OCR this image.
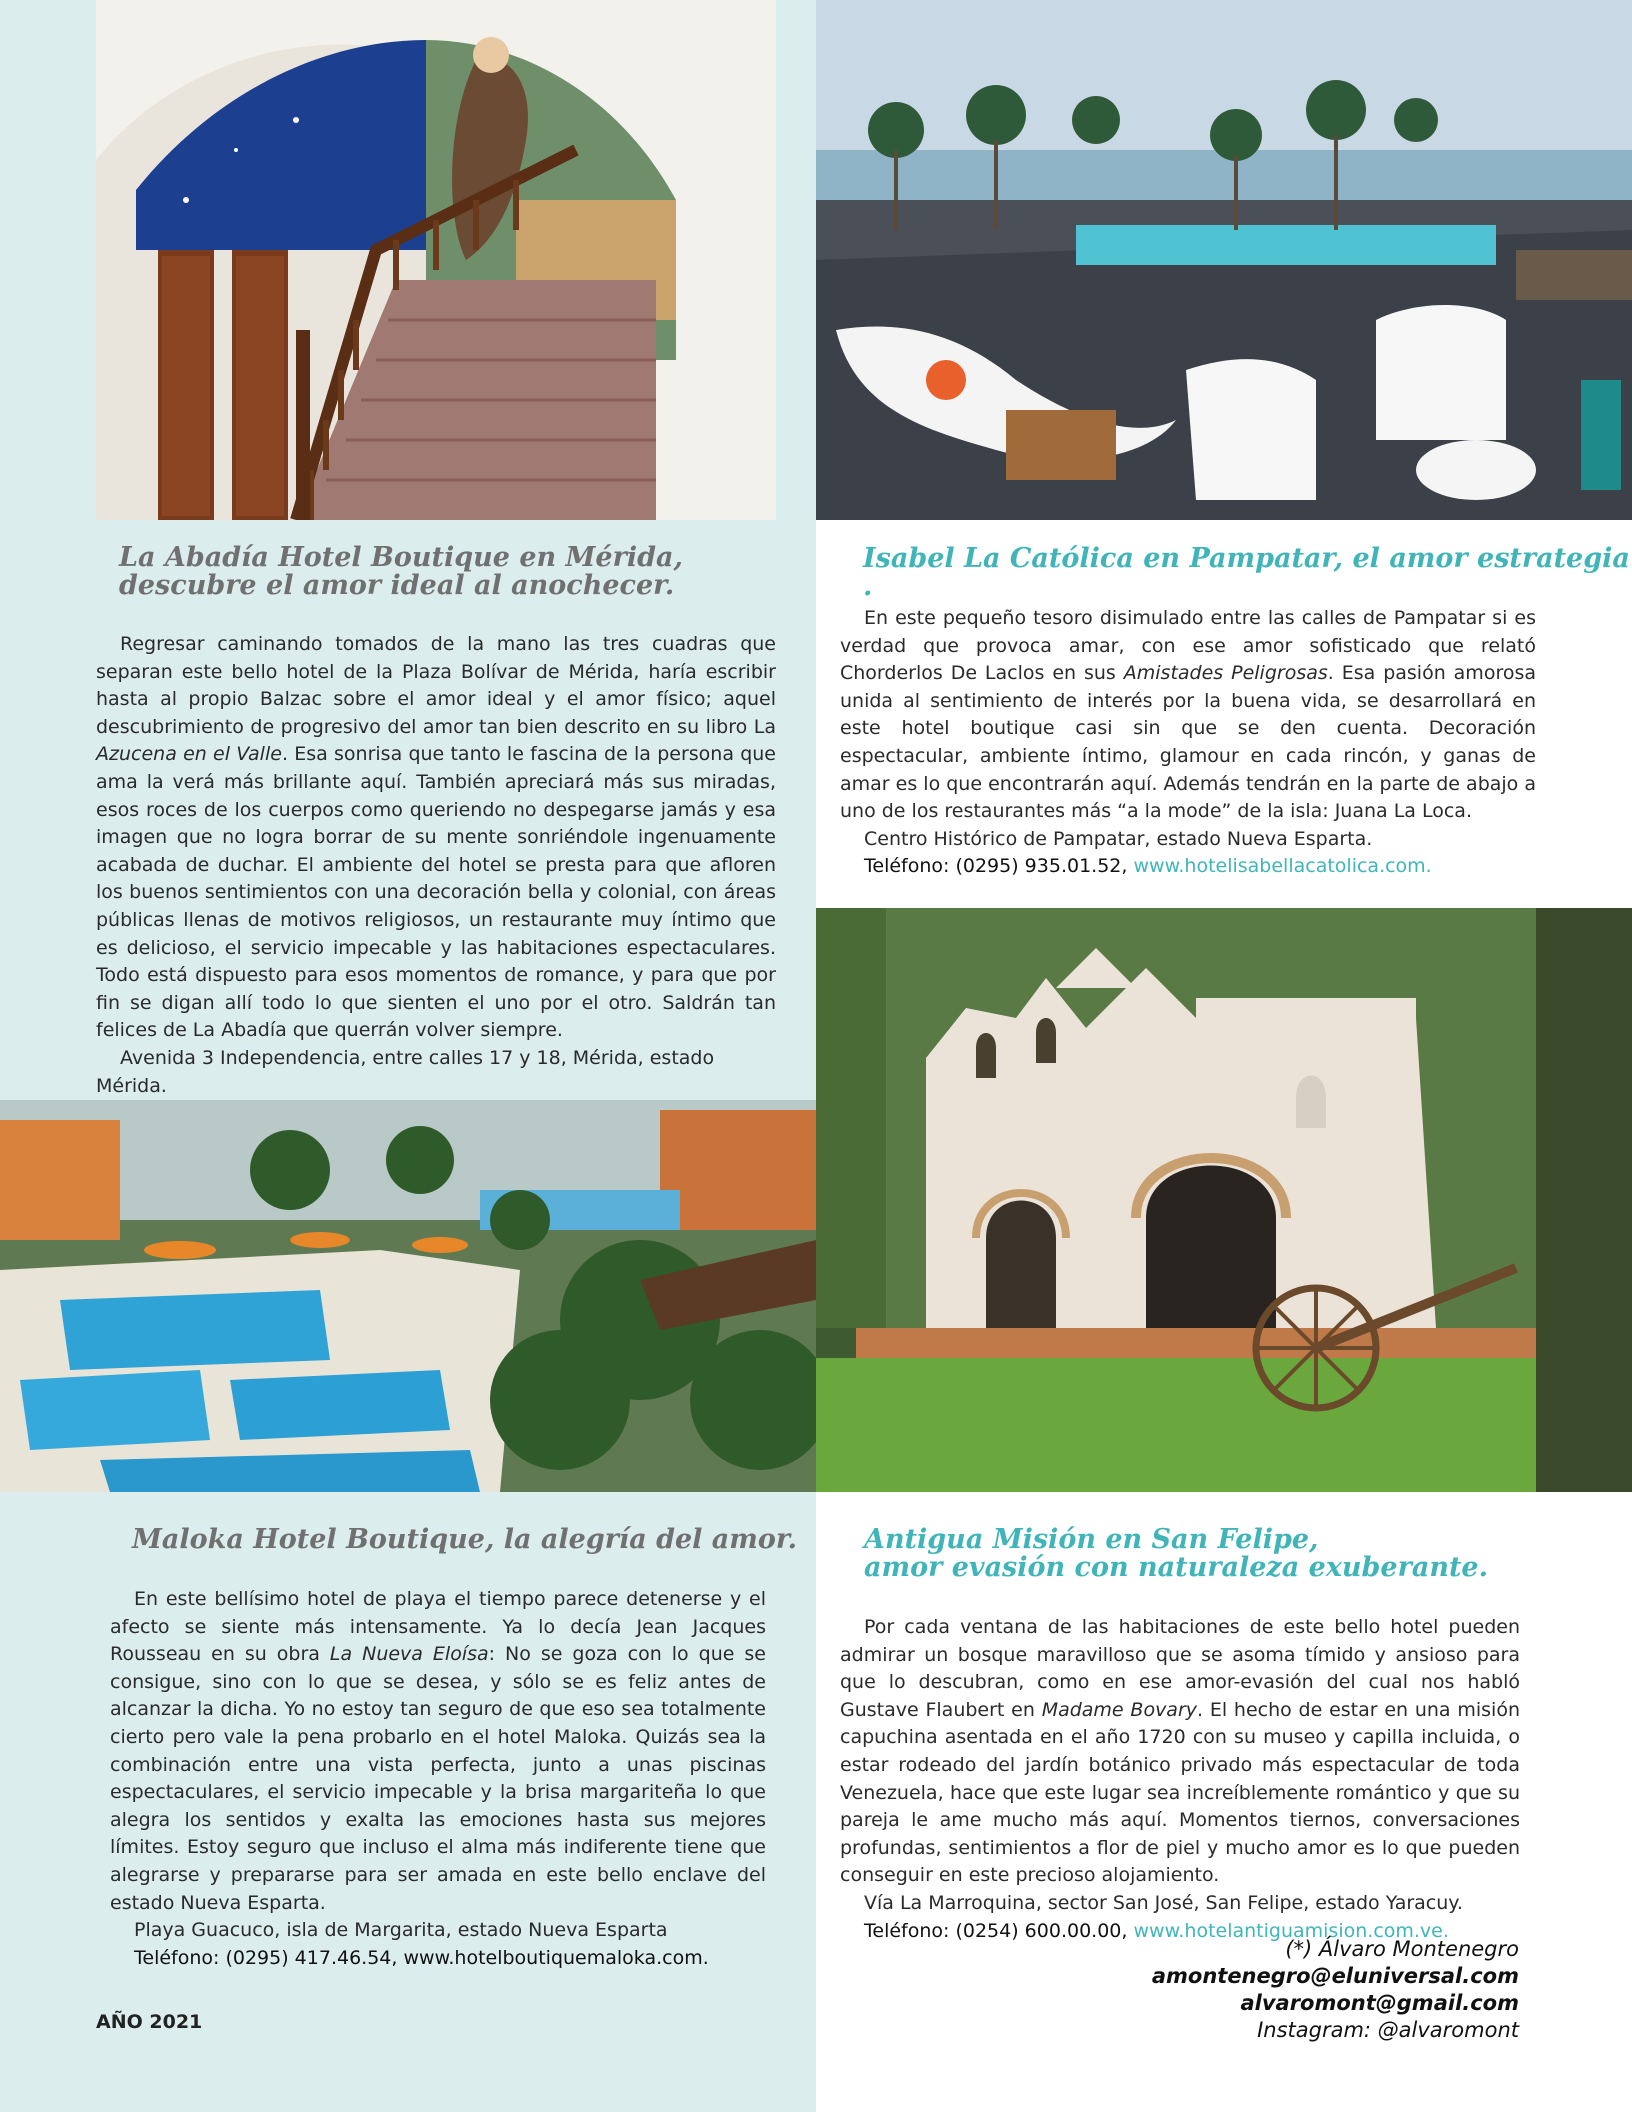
La Abadía Hotel Boutique en Mérida,
descubre el amor ideal al anochecer.

Regresar caminando tomados de la mano las tres cuadras que separan este bello hotel de la Plaza Bolívar de Mérida, haría escribir hasta al propio Balzac sobre el amor ideal y el amor físico; aquel descubrimiento de progresivo del amor tan bien descrito en su libro La Azucena en el Valle. Esa sonrisa que tanto le fascina de la persona que ama la verá más brillante aquí. También apreciará más sus miradas, esos roces de los cuerpos como queriendo no despegarse jamás y esa imagen que no logra borrar de su mente sonriéndole ingenuamente acabada de duchar. El ambiente del hotel se presta para que afloren los buenos sentimientos con una decoración bella y colonial, con áreas públicas llenas de motivos religiosos, un restaurante muy íntimo que es delicioso, el servicio impecable y las habitaciones espectaculares. Todo está dispuesto para esos momentos de romance, y para que por fin se digan allí todo lo que sienten el uno por el otro. Saldrán tan felices de La Abadía que querrán volver siempre.

Avenida 3 Independencia, entre calles 17 y 18, Mérida, estado Mérida.

Isabel La Católica en Pampatar, el amor estrategia .

En este pequeño tesoro disimulado entre las calles de Pampatar si es verdad que provoca amar, con ese amor sofisticado que relató Chorderlos De Laclos en sus Amistades Peligrosas. Esa pasión amorosa unida al sentimiento de interés por la buena vida, se desarrollará en este hotel boutique casi sin que se den cuenta. Decoración espectacular, ambiente íntimo, glamour en cada rincón, y ganas de amar es lo que encontrarán aquí. Además tendrán en la parte de abajo a uno de los restaurantes más “a la mode” de la isla: Juana La Loca.

Centro Histórico de Pampatar, estado Nueva Esparta.

Teléfono: (0295) 935.01.52, www.hotelisabellacatolica.com.

Maloka Hotel Boutique, la alegría del amor.

En este bellísimo hotel de playa el tiempo parece detenerse y el afecto se siente más intensamente. Ya lo decía Jean Jacques Rousseau en su obra La Nueva Eloísa: No se goza con lo que se consigue, sino con lo que se desea, y sólo se es feliz antes de alcanzar la dicha. Yo no estoy tan seguro de que eso sea totalmente cierto pero vale la pena probarlo en el hotel Maloka. Quizás sea la combinación entre una vista perfecta, junto a unas piscinas espectaculares, el servicio impecable y la brisa margariteña lo que alegra los sentidos y exalta las emociones hasta sus mejores límites. Estoy seguro que incluso el alma más indiferente tiene que alegrarse y prepararse para ser amada en este bello enclave del estado Nueva Esparta.

Playa Guacuco, isla de Margarita, estado Nueva Esparta

Teléfono: (0295) 417.46.54, www.hotelboutiquemaloka.com.

Antigua Misión en San Felipe,
amor evasión con naturaleza exuberante.

Por cada ventana de las habitaciones de este bello hotel pueden admirar un bosque maravilloso que se asoma tímido y ansioso para que lo descubran, como en ese amor-evasión del cual nos habló Gustave Flaubert en Madame Bovary. El hecho de estar en una misión capuchina asentada en el año 1720 con su museo y capilla incluida, o estar rodeado del jardín botánico privado más espectacular de toda Venezuela, hace que este lugar sea increíblemente romántico y que su pareja le ame mucho más aquí. Momentos tiernos, conversaciones profundas, sentimientos a flor de piel y mucho amor es lo que pueden conseguir en este precioso alojamiento.

Vía La Marroquina, sector San José, San Felipe, estado Yaracuy.

Teléfono: (0254) 600.00.00, www.hotelantiguamision.com.ve.

(*) Álvaro Montenegro
amontenegro@eluniversal.com
alvaromont@gmail.com
Instagram: @alvaromont
AÑO 2021
